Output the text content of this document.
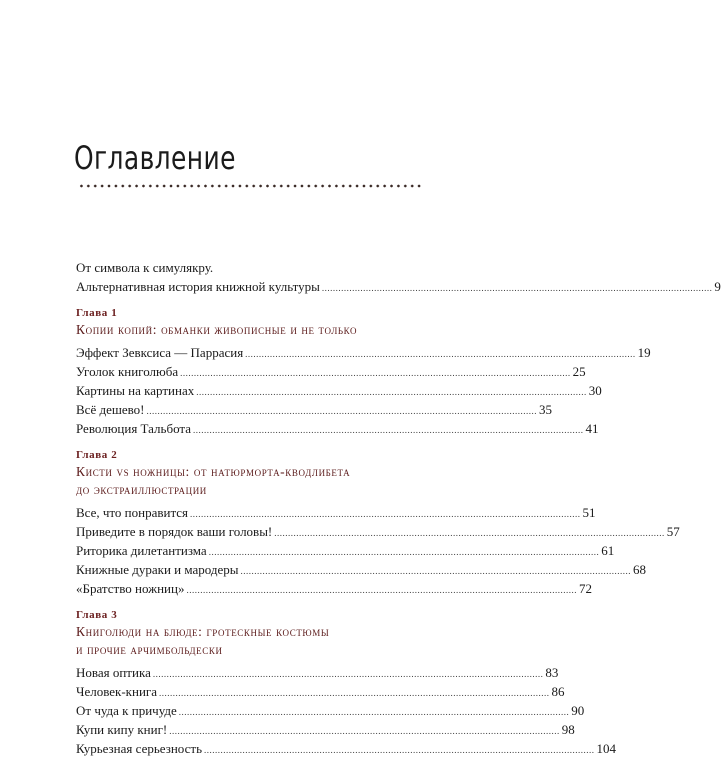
Оглавление
От символа к симулякру.
Альтернативная история книжной культуры .............................................................................................................................................. 9
Глава 1
Копии копий: обманки живописные и не только
Эффект Зевксиса — Паррасия .............................................................................................................................................. 19
Уголок книголюба .............................................................................................................................................. 25
Картины на картинах .............................................................................................................................................. 30
Всё дешево! .............................................................................................................................................. 35
Революция Тальбота .............................................................................................................................................. 41
Глава 2
Кисти vs ножницы: от натюрморта-кводлибета
до экстраиллюстрации
Все, что понравится .............................................................................................................................................. 51
Приведите в порядок ваши головы! .............................................................................................................................................. 57
Риторика дилетантизма .............................................................................................................................................. 61
Книжные дураки и мародеры .............................................................................................................................................. 68
«Братство ножниц» .............................................................................................................................................. 72
Глава 3
Книголюди на блюде: гротескные костюмы
и прочие арчимбольдески
Новая оптика .............................................................................................................................................. 83
Человек-книга .............................................................................................................................................. 86
От чуда к причуде .............................................................................................................................................. 90
Купи кипу книг! .............................................................................................................................................. 98
Курьезная серьезность .............................................................................................................................................. 104
